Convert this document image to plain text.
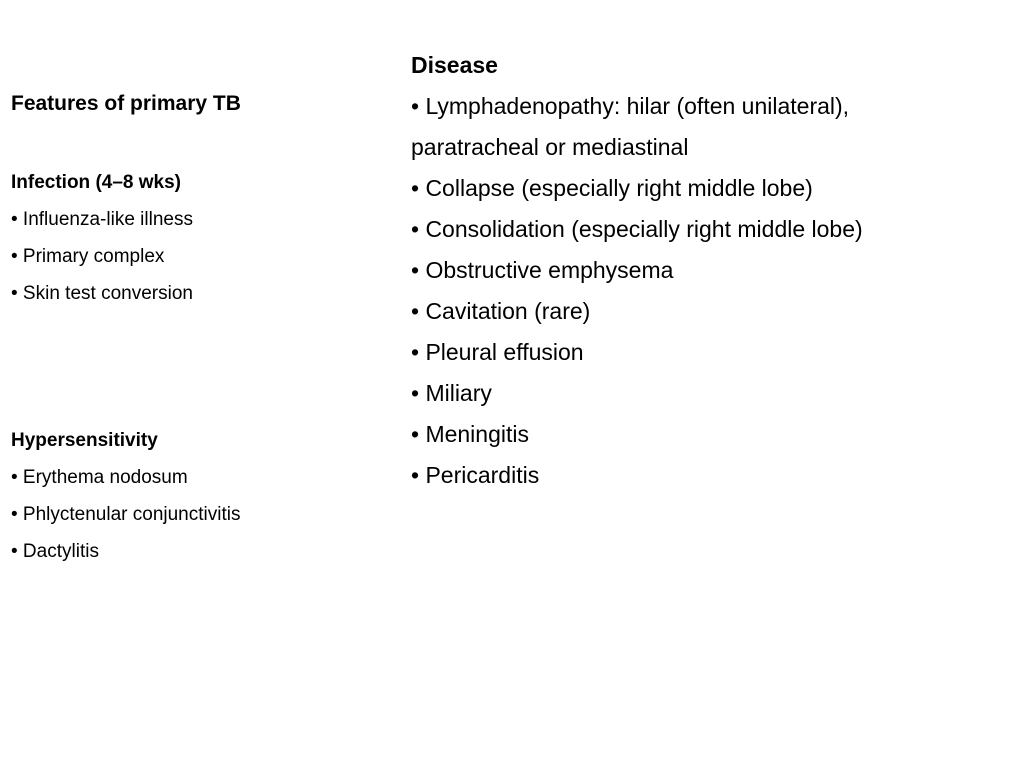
Features of primary TB
Infection (4–8 wks)
• Influenza-like illness
• Primary complex
• Skin test conversion
Hypersensitivity
• Erythema nodosum
• Phlyctenular conjunctivitis
• Dactylitis
Disease
• Lymphadenopathy: hilar (often unilateral), paratracheal or mediastinal
• Collapse (especially right middle lobe)
• Consolidation (especially right middle lobe)
• Obstructive emphysema
• Cavitation (rare)
• Pleural effusion
• Miliary
• Meningitis
• Pericarditis
